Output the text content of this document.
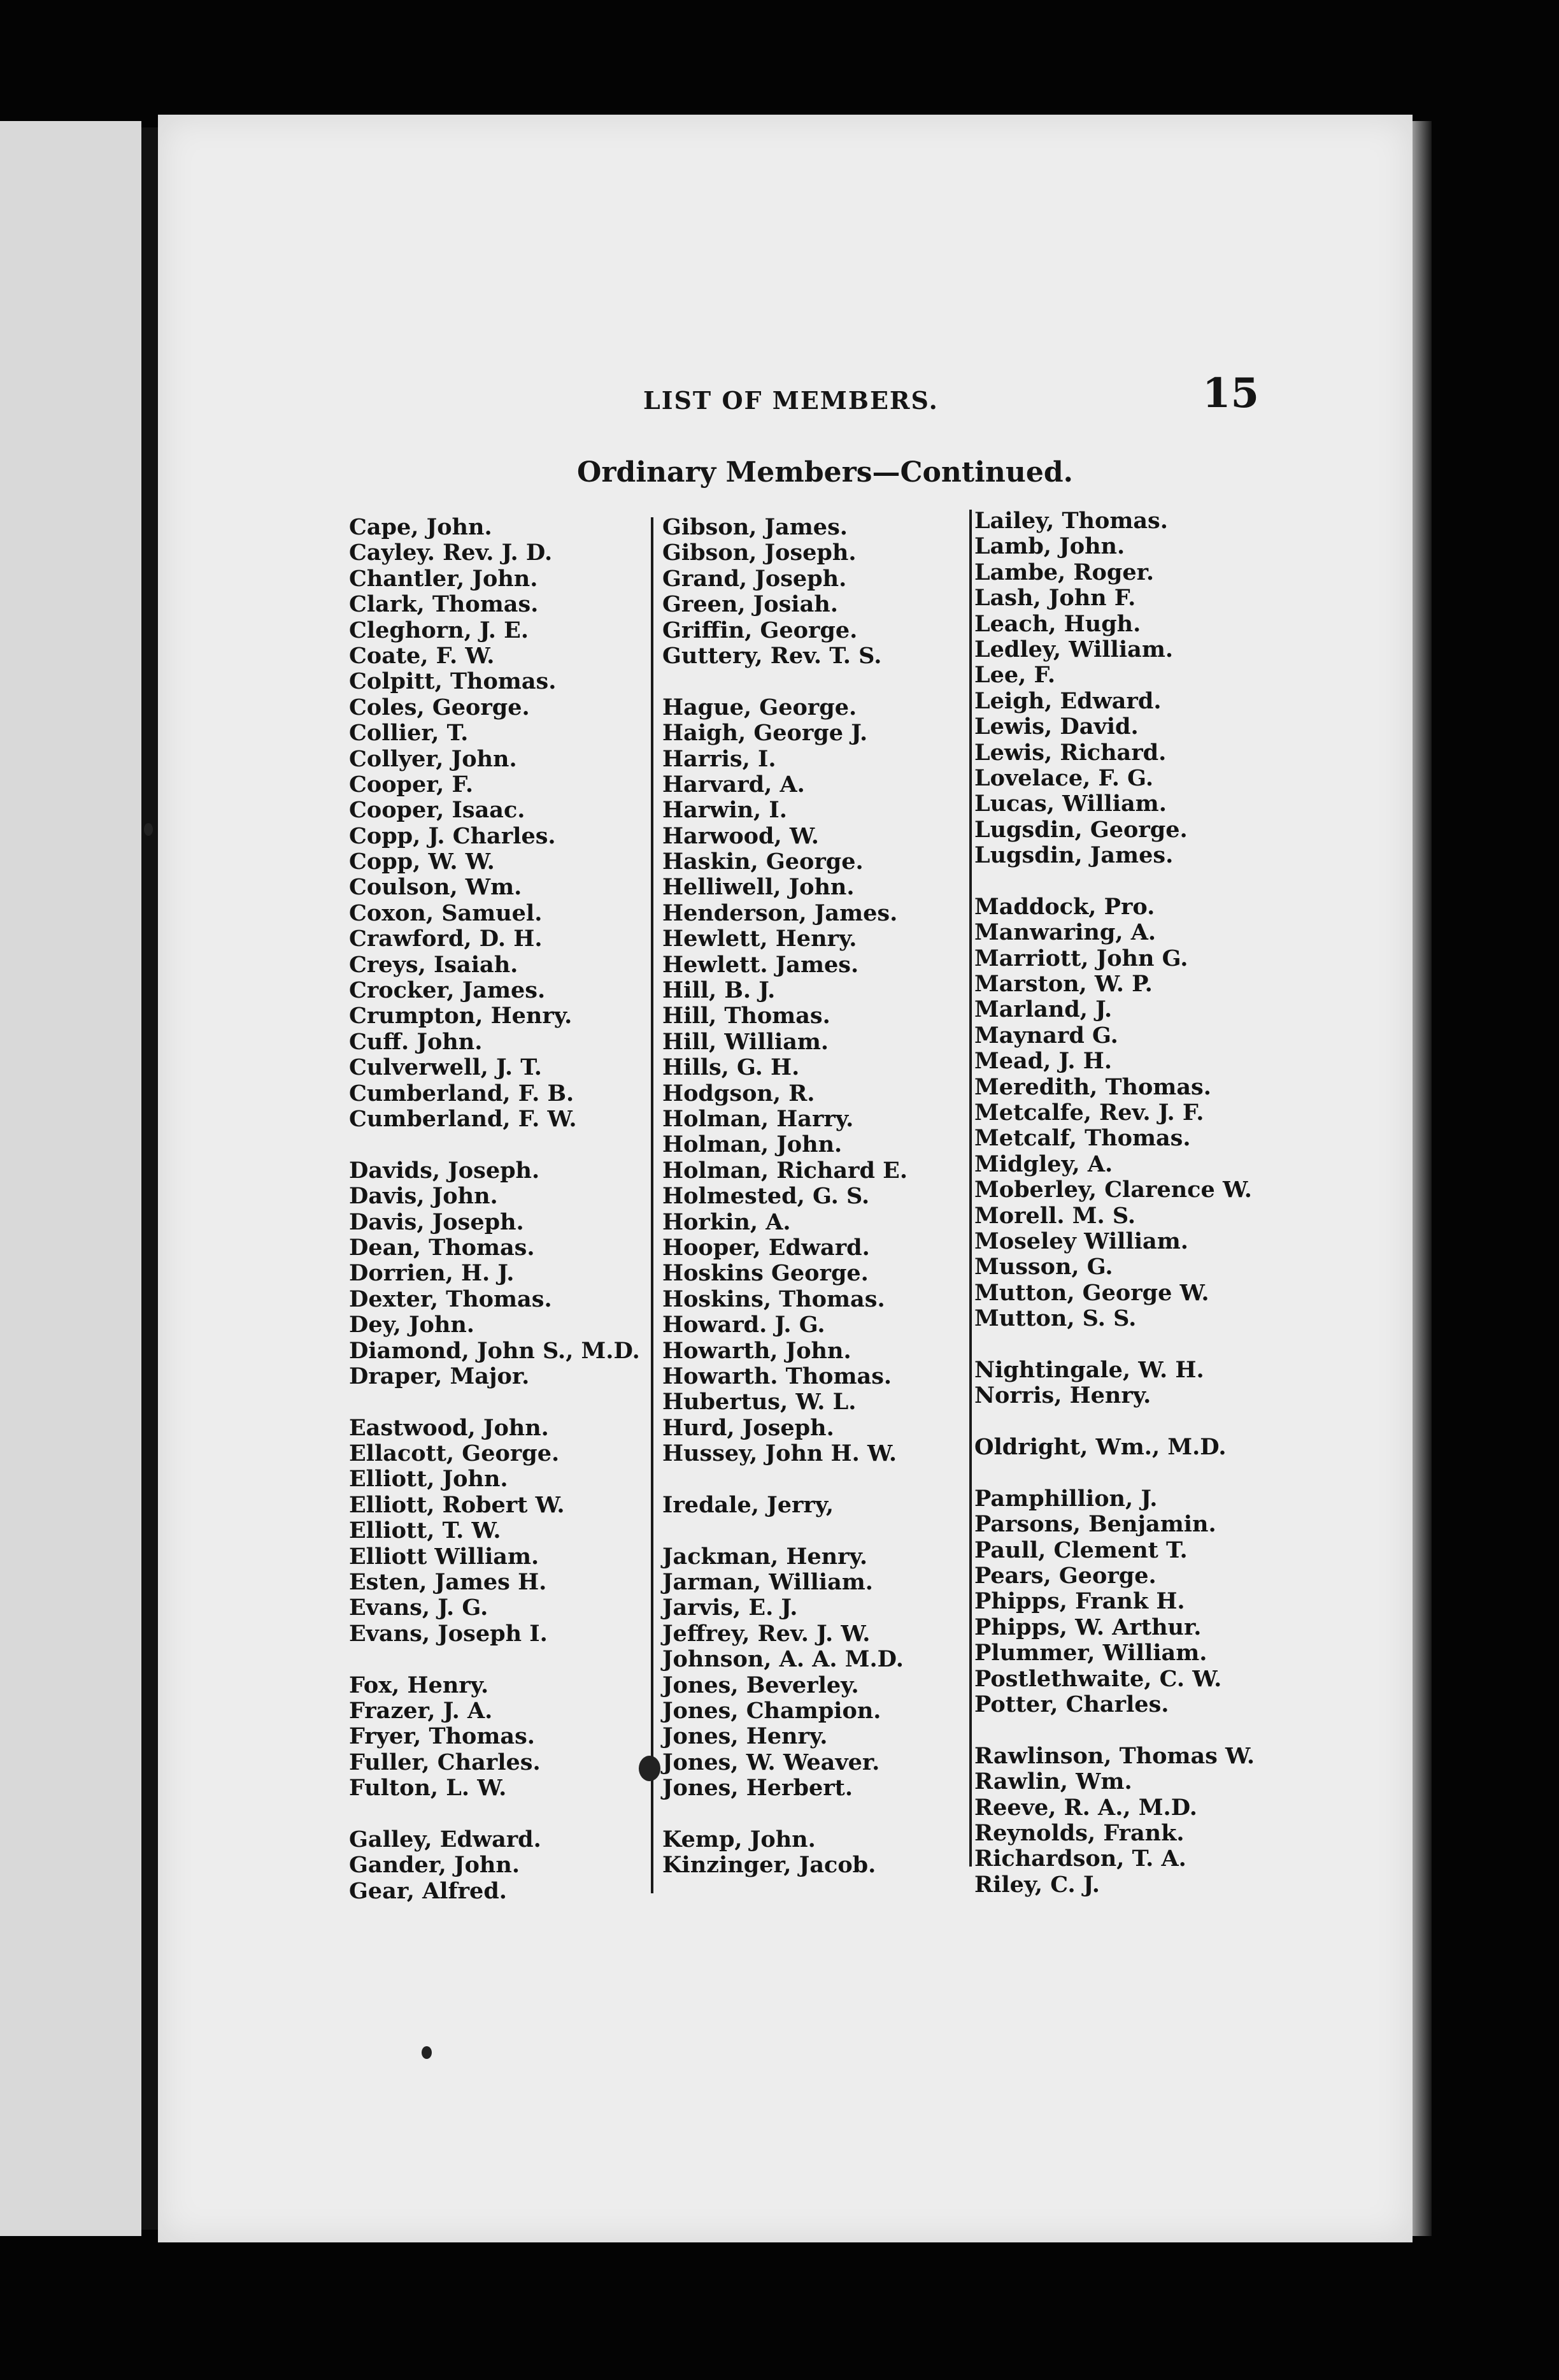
LIST OF MEMBERS.	15
Ordinary Members—Continued.
Cape, John.
Cayley. Rev. J. D.
Chantler, John.
Clark, Thomas.
Cleghorn, J. E.
Coate, F. W.
Colpitt, Thomas.
Coles, George.
Collier, T.
Collyer, John.
Cooper, F.
Cooper, Isaac.
Copp, J. Charles.
Copp, W. W.
Coulson, Wm.
Coxon, Samuel.
Crawford, D. H.
Creys, Isaiah.
Crocker, James.
Crumpton, Henry.
Cuff. John.
Culverwell, J. T.
Cumberland, F. B.
Cumberland, F. W.
Davids, Joseph.
Davis, John.
Davis, Joseph.
Dean, Thomas.
Dorrien, H. J.
Dexter, Thomas.
Dey, John.
Diamond, John S., M.D.
Draper, Major.
Eastwood, John.
Ellacott, George.
Elliott, John.
Elliott, Robert W.
Elliott, T. W.
Elliott William.
Esten, James H.
Evans, J. G.
Evans, Joseph I.
Fox, Henry.
Frazer, J. A.
Fryer, Thomas.
Fuller, Charles.
Fulton, L. W.
Galley, Edward.
Gander, John.
Gear, Alfred.
Gibson, James.
Gibson, Joseph.
Grand, Joseph.
Green, Josiah.
Griffin, George.
Guttery, Rev. T. S.
Hague, George.
Haigh, George J.
Harris, I.
Harvard, A.
Harwin, I.
Harwood, W.
Haskin, George.
Helliwell, John.
Henderson, James.
Hewlett, Henry.
Hewlett. James.
Hill, B. J.
Hill, Thomas.
Hill, William.
Hills, G. H.
Hodgson, R.
Holman, Harry.
Holman, John.
Holman, Richard E.
Holmested, G. S.
Horkin, A.
Hooper, Edward.
Hoskins George.
Hoskins, Thomas.
Howard. J. G.
Howarth, John.
Howarth. Thomas.
Hubertus, W. L.
Hurd, Joseph.
Hussey, John H. W.
Iredale, Jerry,
Jackman, Henry.
Jarman, William.
Jarvis, E. J.
Jeffrey, Rev. J. W.
Johnson, A. A. M.D.
Jones, Beverley.
Jones, Champion.
Jones, Henry.
Jones, W. Weaver.
Jones, Herbert.
Kemp, John.
Kinzinger, Jacob.
Lailey, Thomas.
Lamb, John.
Lambe, Roger.
Lash, John F.
Leach, Hugh.
Ledley, William.
Lee, F.
Leigh, Edward.
Lewis, David.
Lewis, Richard.
Lovelace, F. G.
Lucas, William.
Lugsdin, George.
Lugsdin, James.
Maddock, Pro.
Manwaring, A.
Marriott, John G.
Marston, W. P.
Marland, J.
Maynard G.
Mead, J. H.
Meredith, Thomas.
Metcalfe, Rev. J. F.
Metcalf, Thomas.
Midgley, A.
Moberley, Clarence W.
Morell. M. S.
Moseley William.
Musson, G.
Mutton, George W.
Mutton, S. S.
Nightingale, W. H.
Norris, Henry.
Oldright, Wm., M.D.
Pamphillion, J.
Parsons, Benjamin.
Paull, Clement T.
Pears, George.
Phipps, Frank H.
Phipps, W. Arthur.
Plummer, William.
Postlethwaite, C. W.
Potter, Charles.
Rawlinson, Thomas W.
Rawlin, Wm.
Reeve, R. A., M.D.
Reynolds, Frank.
Richardson, T. A.
Riley, C. J.
